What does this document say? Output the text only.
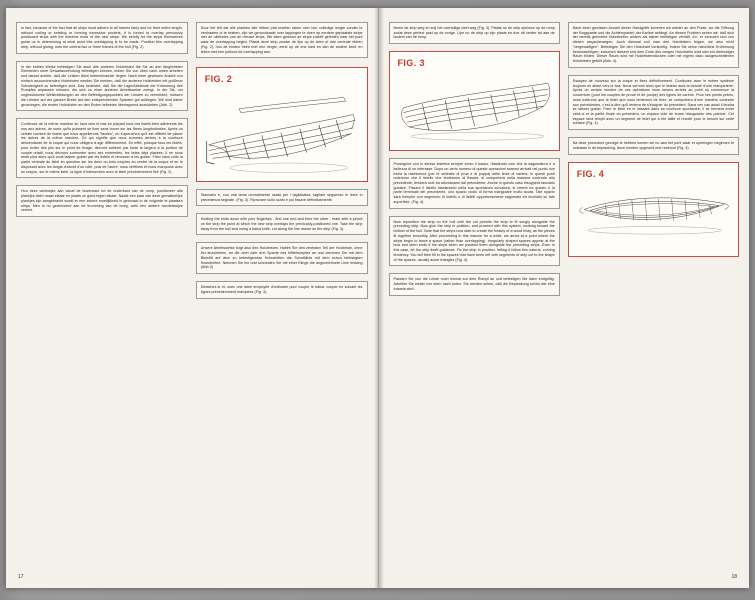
In fact, because of the fact that all strips must adhere to all frames fairly and for their entire length, without curling or twisting or forming excessive pockets, it is forced to overlap previously positioned strips with the extreme ends of the new strips. We strictly let the strips themselves guide us in determining at what point this overlapping is to be made. Position this overlapping strip, without gluing, onto the central two or three frames of the hull (Fig. 2)

In der selben Weise befestigen Sie auch alle anderen Holzleisten die Sie an den länglichsten Elementen ohne Gewaltanwendung befestigen können, indem Sie von oben nach unten arbeiten und darauf achten, daß die Leisten dicht nebeneinander liegen. Nach einer gewissen Anzahl von einfach anzuordnenden Holzleisten werden Sie merken, daß die anderen Holzleisten mit größerer Schwierigkeit zu befestigen sind. Das bedeutet, daß Sie die Lage/Abstände der Krümmung des Rumpfes anpassen müssen, die sich zu einer anderen Arbeitsweise zwingt. In der Tat, um ungewünschte Wellenbildungen an den Befestigungspunkten der Leisten zu vermeiden, müssen die Leisten auf der ganzen Breite auf den entsprechenden Spanten gut aufliegen. Wir sind daher gezwungen, die ersten Holzleisten an den Enden teilweise überlappend anzukleben (Abb. 2)

Continuez de la même manière du haut vers le bas en plaçant tous ces listels bien adhérents les uns aux autres, de sorte qu'ils puissent se fixer sans forcer sur les fibres longitudinales. Après un certain nombre de listels que nous appellerons "faciles", on s'apercevra qu'il est difficile de placer les autres de la même manière. Ce qui signifie que nous sommes arrivés à la courbure descendante de la coque qui nous obligera à agir différemment. En effet, puisque tous les listels, pour éviter des plis sur le point de fixage, devront adhérer par toute la largeur à la portion de couple relatif, nous devrons surmonter avec ses extrémités, les listes déjà placées. Il ne nous reste plus alors qu'à vous laisser guider par les listels et renoncer à les guider. Fixer sans colle la partie centrale du listel en question sur les deux ou trois couples au centre de la coque et en le disposant avec les doigts d'abord d'un côté, puis de l'autre, nous vérifions et nous marquons avec un crayon, sur le même listel, la ligne d'intersection avec le listel précédemment fixé (Fig. 2)

Hou deze werkwijze aan vanaf de bovenkant tot de onderkant van de romp, positioneer alle plankjes dicht naast elkaar en plaats ze goed tegen elkaar. Nadat een paar van deze gemakkelijke plankjes zijn aangebracht wordt er een zekere moeilijkheid in gebouwd in de volgorde te plaatsen strips. Men is nu gearriveerd aan de kromming van de boeg, welk een andere handelswijze vereist.

Door het feit dat alle planken alle ribben plat moeten raken over hun volledige lengte zonder te verdraaien of te twisten, zijn we genoodzaakt over lappingen te doen op eerdere geplaatste strips met de uiteindes van de nieuwe strips. We laten gewoon de strips zuizelf geleiden naar het punt waar de overlapping begint. Plaats deze strip zonder de lijm op de twee of drie centrale ribben (Fig. 2), hou de einden heen met een vinger, eerst op de ene kant en dan de andere kant, en teken met een potlood de overlapping aan.

FIG. 2

Staccarlo e, con una lama normalmente usata per i tagliabalsa, tagliare seguendo le linee in precedenza segnate. (Fig. 3). Riprovare sullo scafo e poi fissare definitivamente.

Holding the ends down with your fingertips - first one end and then the other - mark with a pencil on the strip the point at which the new strip overlaps the previously-positioned one. Take the strip away from the hull and using a balsa knife, cut along the line drawn on the strip (Fig. 3).

Unsere Arbeitsweise folgt also den Holzleisten. Halten Sie den zentralen Teil der Holzleiste, ohne ihn anzukleben, an die zwei oder drei Spante des Mittelrumpfes an und zeichnen Sie mit dem Bleistift auf dem zu befestigenden Holzstreifen die Schnittlinie mit dem schon befestigten Holzstreifen. Nehmen Sie ihn und schneiden Sie mit einer Klinge die angezeichnete Linie entlang (Abb.3)

Détachez-le et, avec une lame employée d'ordinaire pour couper le balsa, couper en suivant les lignes précédemment marquées (Fig. 3).

17

Neem de strip weg en snij het overtollige deel weg (Fig. 3). Plaats nu de strip opnieuw op de romp zodat deze perfect past op de vorige. Lijm nu de strip op zijn plaats en doe dit verder tot aan de bodem van de romp.

FIG. 3

Proseguire con lo stesso sistema sempre verso il basso, ribadendo così che la sagomatura è a bellezza di un interasse. Dopo un certo numero di queste operazioni saremo arrivati nel punto ove inizia la rastremura (per le ordinate di prua e di poppa) delle linee di carena, in questi punti noteremo che il listello che tenteremo di fissare, si comporterà nella maniera contraria alla precedente, tenderà cioè ad allontanarsi dal precedente. Anche in questo caso bisognerà lasciarsi guidare. Fissare il listello lasciandolo nella sua spontanea curvatura, si creerà tra questo e la parte terminale del precedente, uno spazio vuoto di forma triangolare molto acuta. Tale spazio sarà riempito con segmento di listello o di listelli opportunamente sagomato ed incollato su tale superficie. (Fig. 4).

Now reposition the strip on the hull until the cut permits the strip to fit snugly alongside the preceding strip. Now glue the strip in position, and proceed with this system, working toward the bottom of the hull. Note that the strips now start to create the beauty of a wood inlay, as the pieces fit together smoothly. After proceeding in this manner for a while, we arrive at a point where the strips begin to leave a space (rather than overlapping). Irregularly shaped spaces appear at the bow and stern ends if the strips when we position them alongside the preceding strips. Even in this case, let the strip itself guidance. Fix the strip in position, letting it follow this natural, curving tendency. You will then fill in the spaces that have been left with segments of strip cut to the shape of the spaces, usually acute triangles (Fig. 4).

Passieri Sie nun die Leiste noch einmal auf dem Rumpf an und befestigen Sie dann endgültig. Arbeiten Sie weiter von oben nach unten. Sie werden sehen, daß die Beplankung schön wie eine Intarsia wird.

Nach einer gewissen Anzahl dieser Handgriffe kommen wir wieder an den Punkt, wo die Öffnung der Bugspante und die Achterspante) der Karline anfängt. An diesen Punkten sehen wir, daß sich der bereits geendete Holzstreifen anders als bisher befestigen verhält, d.h. er versucht sich von diesen wegzubewegen. Auch diesmal soll man den Holzleisten folgen, sie also nicht "vergewaltigen". Befestigen Sie den Holzdraht vorsichtig. Indem Sie seine natürliche Krümmung berücksichtigen; zwischen diesem und dem Ende des vorigen Holzdrahts wird sich ein dreieckiger Raum bilden. Dieser Raum wird mit Holzleistenstücken oder mit eigens dazu ausgeschnittenen Holzleisten gefüllt (Abb. 4).

Essayez de nouveau sur la coque et fixez définitivement. Continuez avec le même système toujours en allant vers le bas. Nous verrons ainsi que le listeau aura la beauté d'une marqueterie. Après un certain nombre de ces opérations nous serons arrivés au point où commence la couverture (pour les couples de proue et de poupe) des lignes de carène. Pour ces points précis, nous noterons que le listel que nous tenterons de fixer, se comportera d'une manière contraire aux précédentes, c'est-à-dire qu'il tentera de s'éloigner du précédent. Dans ces cas aussi il faudra se laisser guider. Fixer le listel en le laissant dans sa courbure spontanée; il se formera entre celui-ci et la partie finale du précédent, un espace vide de forme triangulaire très pointue. Cet espace sera rempli avec un segment de listel qui a été taillé et recollé pour le besoin sur cette surface (Fig. 4).

Na deze procedure gevolgd te hebben komen we nu aan het punt waar er openingen beginnen te ontstaan in de beplanking, deze worden opgevuld met resthout (Fig. 4).

FIG. 4
18
